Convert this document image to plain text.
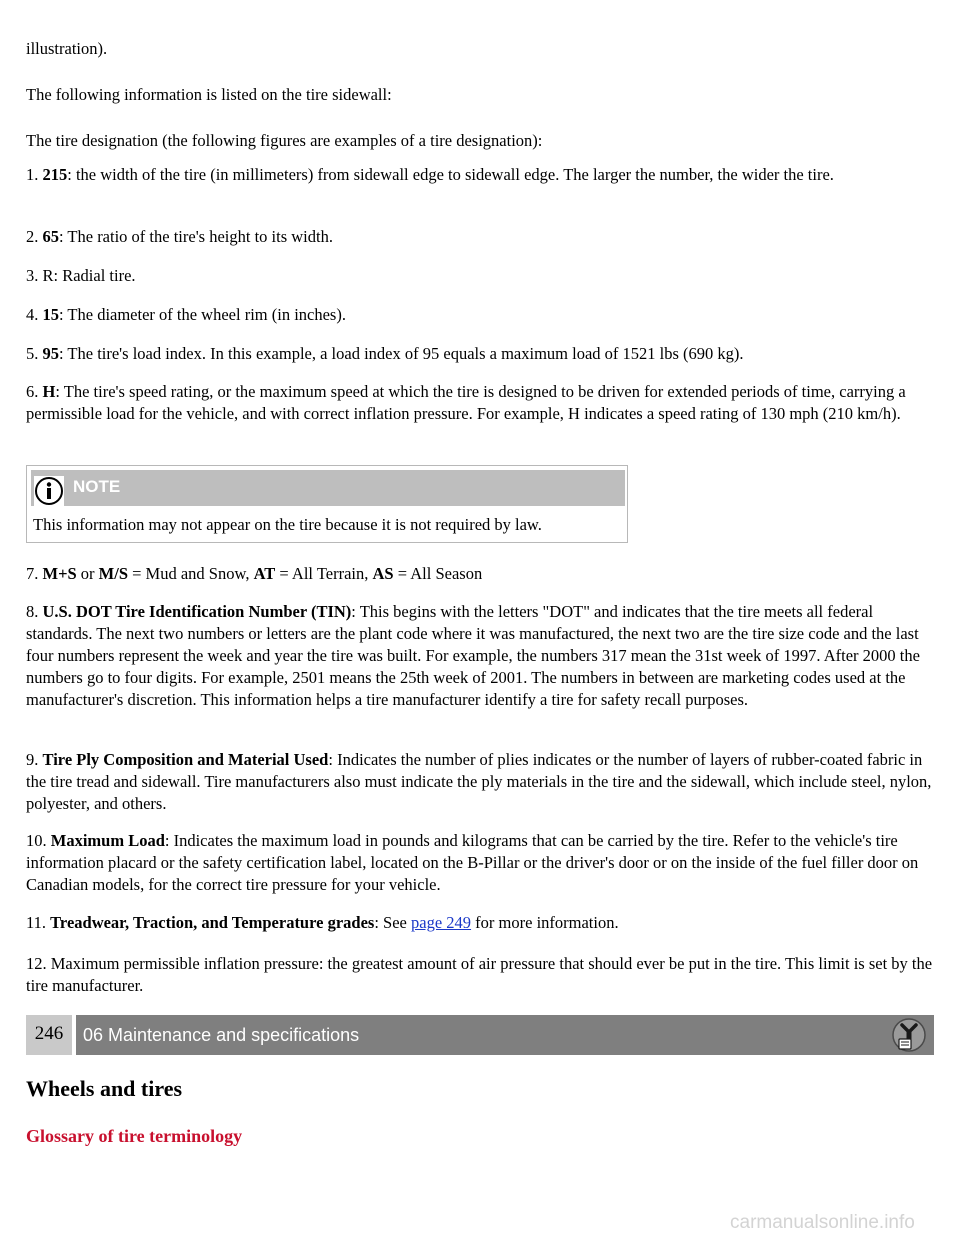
illustration).

The following information is listed on the tire sidewall:

The tire designation (the following figures are examples of a tire designation):

1. 215: the width of the tire (in millimeters) from sidewall edge to sidewall edge. The larger the number, the wider the tire.

2. 65: The ratio of the tire's height to its width.

3. R: Radial tire.

4. 15: The diameter of the wheel rim (in inches).

5. 95: The tire's load index. In this example, a load index of 95 equals a maximum load of 1521 lbs (690 kg).

6. H: The tire's speed rating, or the maximum speed at which the tire is designed to be driven for extended periods of time, carrying a permissible load for the vehicle, and with correct inflation pressure. For example, H indicates a speed rating of 130 mph (210 km/h).

NOTE

This information may not appear on the tire because it is not required by law.

7. M+S or M/S = Mud and Snow, AT = All Terrain, AS = All Season

8. U.S. DOT Tire Identification Number (TIN): This begins with the letters "DOT" and indicates that the tire meets all federal standards. The next two numbers or letters are the plant code where it was manufactured, the next two are the tire size code and the last four numbers represent the week and year the tire was built. For example, the numbers 317 mean the 31st week of 1997. After 2000 the numbers go to four digits. For example, 2501 means the 25th week of 2001. The numbers in between are marketing codes used at the manufacturer's discretion. This information helps a tire manufacturer identify a tire for safety recall purposes.

9. Tire Ply Composition and Material Used: Indicates the number of plies indicates or the number of layers of rubber-coated fabric in the tire tread and sidewall. Tire manufacturers also must indicate the ply materials in the tire and the sidewall, which include steel, nylon, polyester, and others.

10. Maximum Load: Indicates the maximum load in pounds and kilograms that can be carried by the tire. Refer to the vehicle's tire information placard or the safety certification label, located on the B-Pillar or the driver's door or on the inside of the fuel filler door on Canadian models, for the correct tire pressure for your vehicle.

11. Treadwear, Traction, and Temperature grades: See page 249 for more information.

12. Maximum permissible inflation pressure: the greatest amount of air pressure that should ever be put in the tire. This limit is set by the tire manufacturer.

246	06 Maintenance and specifications
Wheels and tires
Glossary of tire terminology
carmanualsonline.info
